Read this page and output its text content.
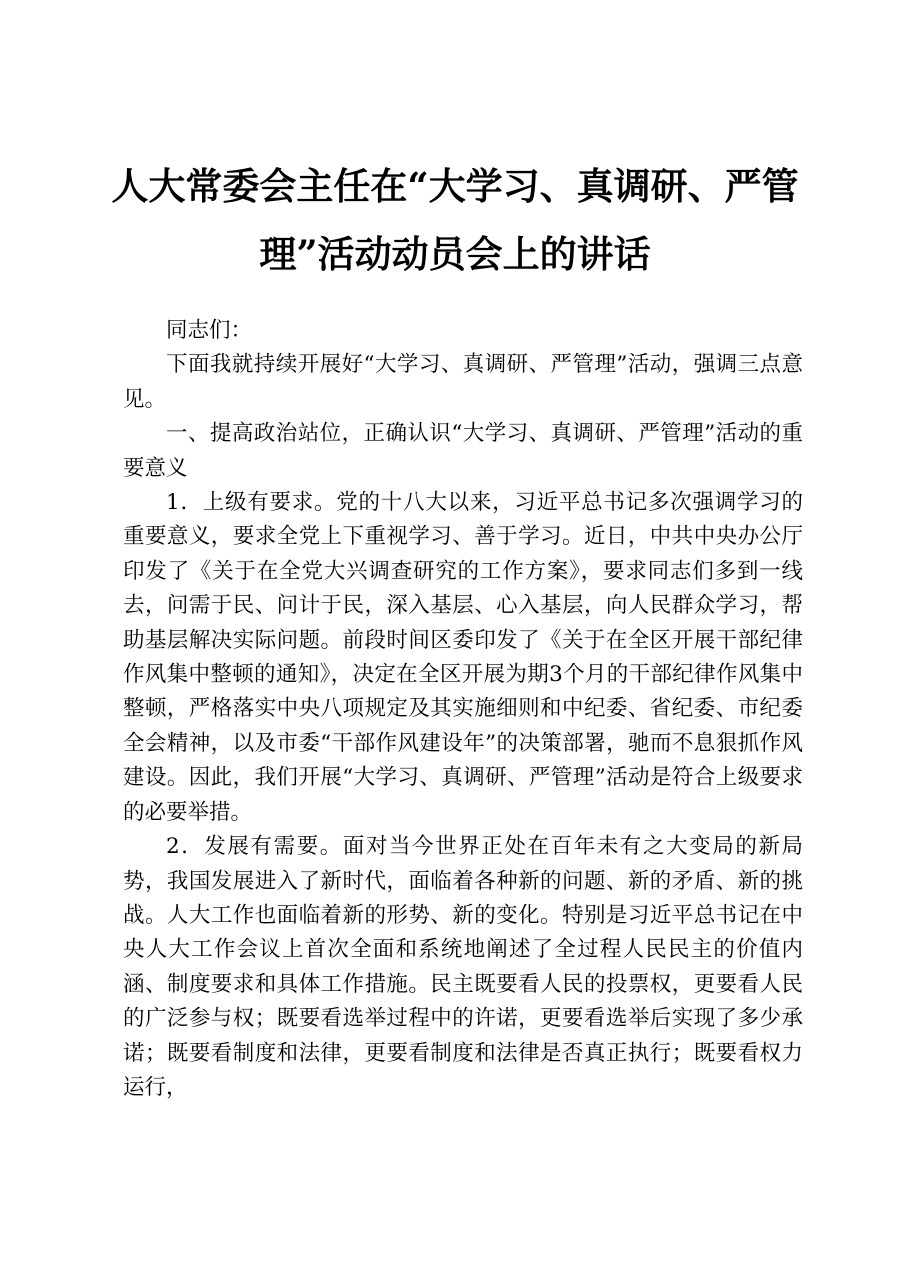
人大常委会主任在“大学习、真调研、严管
理”活动动员会上的讲话

同志们：

下面我就持续开展好“大学习、真调研、严管理”活动，强调三点意见。

一、提高政治站位，正确认识“大学习、真调研、严管理”活动的重要意义

1．上级有要求。党的十八大以来，习近平总书记多次强调学习的重要意义，要求全党上下重视学习、善于学习。近日，中共中央办公厅印发了《关于在全党大兴调查研究的工作方案》，要求同志们多到一线去，问需于民、问计于民，深入基层、心入基层，向人民群众学习，帮助基层解决实际问题。前段时间区委印发了《关于在全区开展干部纪律作风集中整顿的通知》，决定在全区开展为期3个月的干部纪律作风集中整顿，严格落实中央八项规定及其实施细则和中纪委、省纪委、市纪委全会精神，以及市委“干部作风建设年”的决策部署，驰而不息狠抓作风建设。因此，我们开展“大学习、真调研、严管理”活动是符合上级要求的必要举措。

2．发展有需要。面对当今世界正处在百年未有之大变局的新局势，我国发展进入了新时代，面临着各种新的问题、新的矛盾、新的挑战。人大工作也面临着新的形势、新的变化。特别是习近平总书记在中央人大工作会议上首次全面和系统地阐述了全过程人民民主的价值内涵、制度要求和具体工作措施。民主既要看人民的投票权，更要看人民的广泛参与权；既要看选举过程中的许诺，更要看选举后实现了多少承诺；既要看制度和法律，更要看制度和法律是否真正执行；既要看权力运行，
